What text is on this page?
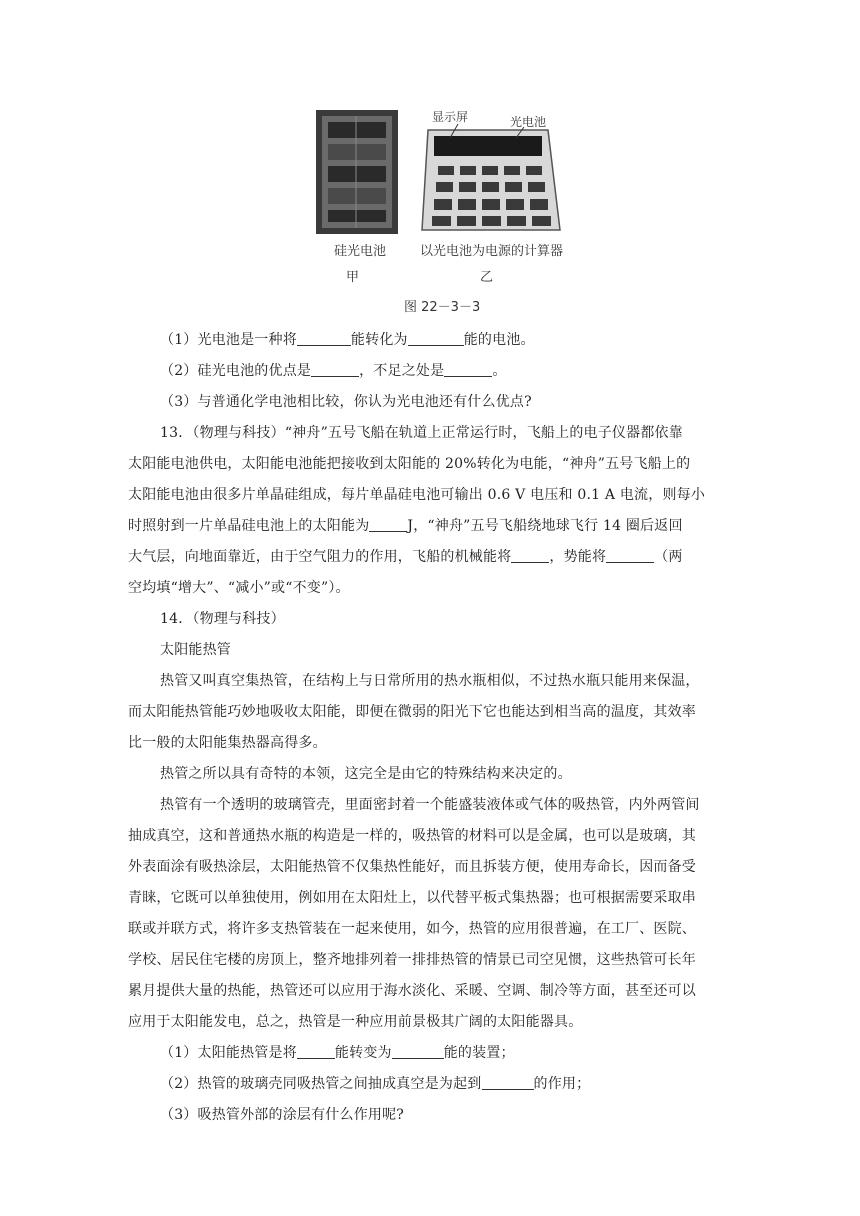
显示屏	光电池
硅光电池
甲
以光电池为电源的计算器
乙
图 22－3－3
（1）光电池是一种将	能转化为	能的电池。
（2）硅光电池的优点是	，不足之处是	。
（3）与普通化学电池相比较，你认为光电池还有什么优点?
13．（物理与科技）“神舟”五号飞船在轨道上正常运行时，飞船上的电子仪器都依靠
太阳能电池供电，太阳能电池能把接收到太阳能的 20%转化为电能，“神舟”五号飞船上的
太阳能电池由很多片单晶硅组成，每片单晶硅电池可输出 0.6 V 电压和 0.1 A 电流，则每小
时照射到一片单晶硅电池上的太阳能为	J，“神舟”五号飞船绕地球飞行 14 圈后返回
大气层，向地面靠近，由于空气阻力的作用，飞船的机械能将	，势能将	（两
空均填“增大”、“减小”或“不变”）。
14．（物理与科技）
太阳能热管
热管又叫真空集热管，在结构上与日常所用的热水瓶相似，不过热水瓶只能用来保温，
而太阳能热管能巧妙地吸收太阳能，即便在微弱的阳光下它也能达到相当高的温度，其效率
比一般的太阳能集热器高得多。
热管之所以具有奇特的本领，这完全是由它的特殊结构来决定的。
热管有一个透明的玻璃管壳，里面密封着一个能盛装液体或气体的吸热管，内外两管间
抽成真空，这和普通热水瓶的构造是一样的，吸热管的材料可以是金属，也可以是玻璃，其
外表面涂有吸热涂层，太阳能热管不仅集热性能好，而且拆装方便，使用寿命长，因而备受
青睐，它既可以单独使用，例如用在太阳灶上，以代替平板式集热器；也可根据需要采取串
联或并联方式，将许多支热管装在一起来使用，如今，热管的应用很普遍，在工厂、医院、
学校、居民住宅楼的房顶上，整齐地排列着一排排热管的情景已司空见惯，这些热管可长年
累月提供大量的热能，热管还可以应用于海水淡化、采暖、空调、制冷等方面，甚至还可以
应用于太阳能发电，总之，热管是一种应用前景极其广阔的太阳能器具。
（1）太阳能热管是将	能转变为	能的装置；
（2）热管的玻璃壳同吸热管之间抽成真空是为起到	的作用；
（3）吸热管外部的涂层有什么作用呢?
